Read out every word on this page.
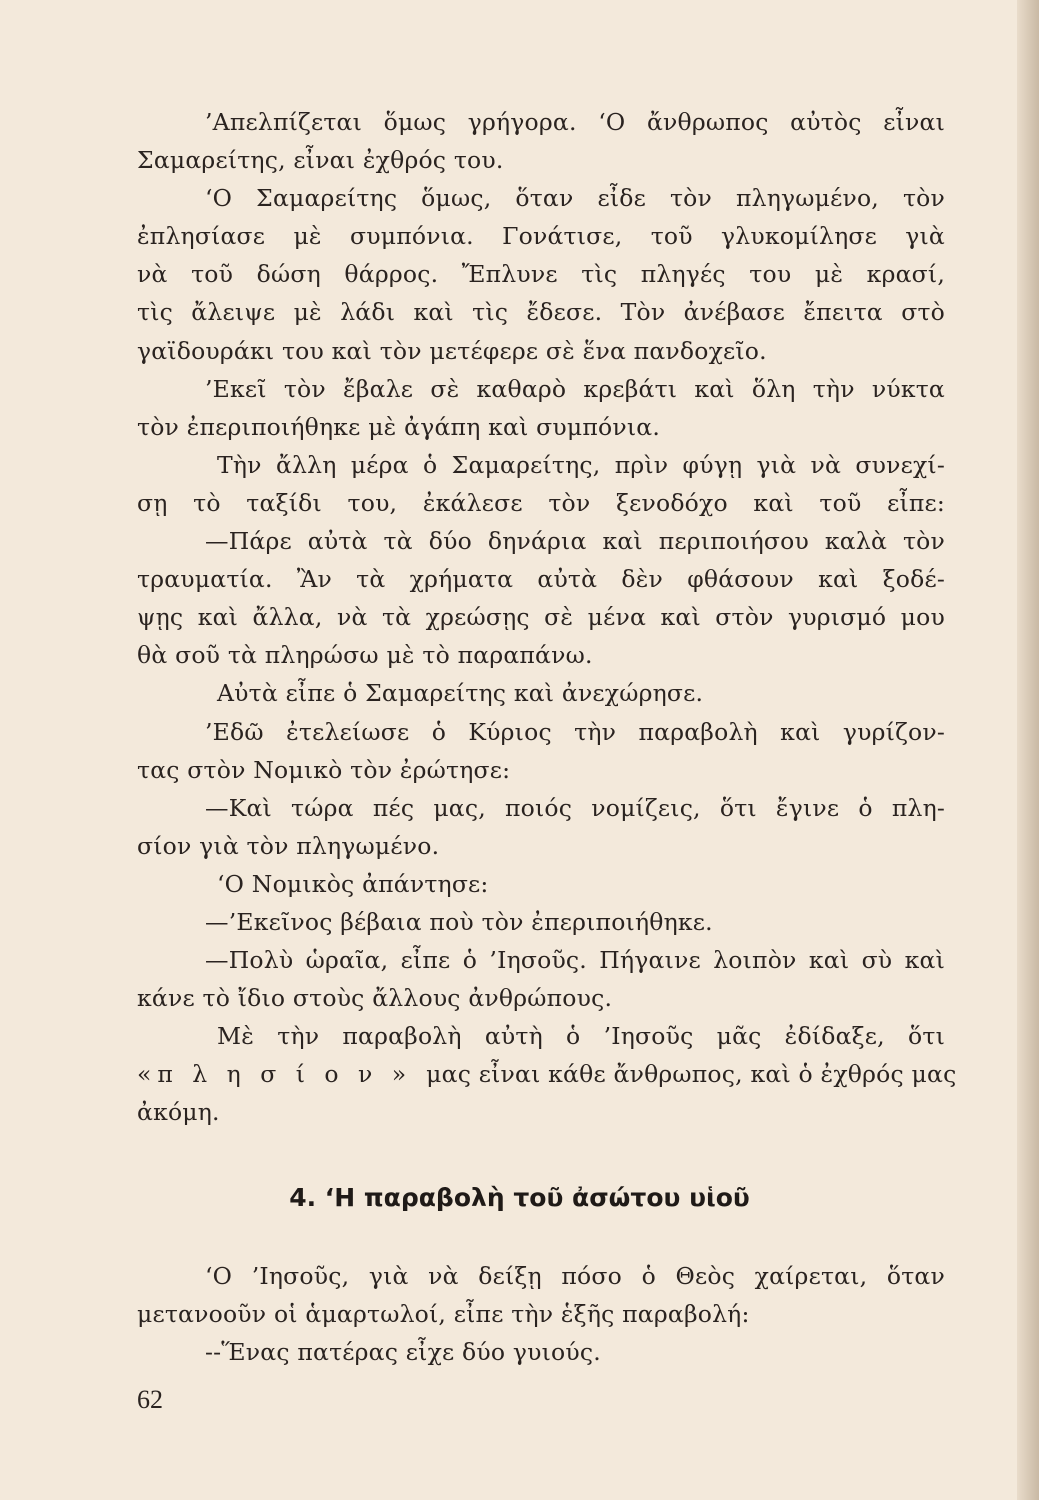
’Απελπίζεται ὅμως γρήγορα. ‘Ο ἄνθρωπος αὐτὸς εἶναι
Σαμαρείτης, εἶναι ἐχθρός του.
‘Ο Σαμαρείτης ὅμως, ὅταν εἶδε τὸν πληγωμένο, τὸν
ἐπλησίασε μὲ συμπόνια. Γονάτισε, τοῦ γλυκομίλησε γιὰ
νὰ τοῦ δώση θάρρος. Ἔπλυνε τὶς πληγές του μὲ κρασί,
τὶς ἄλειψε μὲ λάδι καὶ τὶς ἔδεσε. Τὸν ἀνέβασε ἔπειτα στὸ
γαϊδουράκι του καὶ τὸν μετέφερε σὲ ἕνα πανδοχεῖο.
’Εκεῖ τὸν ἔβαλε σὲ καθαρὸ κρεβάτι καὶ ὅλη τὴν νύκτα
τὸν ἐπεριποιήθηκε μὲ ἀγάπη καὶ συμπόνια.
Τὴν ἄλλη μέρα ὁ Σαμαρείτης, πρὶν φύγῃ γιὰ νὰ συνεχί-
σῃ τὸ ταξίδι του, ἐκάλεσε τὸν ξενοδόχο καὶ τοῦ εἶπε:
—Πάρε αὐτὰ τὰ δύο δηνάρια καὶ περιποιήσου καλὰ τὸν
τραυματία. Ἂν τὰ χρήματα αὐτὰ δὲν φθάσουν καὶ ξοδέ-
ψῃς καὶ ἄλλα, νὰ τὰ χρεώσῃς σὲ μένα καὶ στὸν γυρισμό μου
θὰ σοῦ τὰ πληρώσω μὲ τὸ παραπάνω.
Αὐτὰ εἶπε ὁ Σαμαρείτης καὶ ἀνεχώρησε.
’Εδῶ ἐτελείωσε ὁ Κύριος τὴν παραβολὴ καὶ γυρίζον-
τας στὸν Νομικὸ τὸν ἐρώτησε:
—Καὶ τώρα πές μας, ποιός νομίζεις, ὅτι ἔγινε ὁ πλη-
σίον γιὰ τὸν πληγωμένο.
‘Ο Νομικὸς ἀπάντησε:
—’Εκεῖνος βέβαια ποὺ τὸν ἐπεριποιήθηκε.
—Πολὺ ὡραῖα, εἶπε ὁ ’Ιησοῦς. Πήγαινε λοιπὸν καὶ σὺ καὶ
κάνε τὸ ἴδιο στοὺς ἄλλους ἀνθρώπους.
Μὲ τὴν παραβολὴ αὐτὴ ὁ ’Ιησοῦς μᾶς ἐδίδαξε, ὅτι
«π λ η σ ί ο ν » μας εἶναι κάθε ἄνθρωπος, καὶ ὁ ἐχθρός μας
ἀκόμη.
4. ‘Η παραβολὴ τοῦ ἀσώτου υἱοῦ
‘Ο ’Ιησοῦς, γιὰ νὰ δείξῃ πόσο ὁ Θεὸς χαίρεται, ὅταν
μετανοοῦν οἱ ἁμαρτωλοί, εἶπε τὴν ἑξῆς παραβολή:
--Ἕνας πατέρας εἶχε δύο γυιούς.
62
